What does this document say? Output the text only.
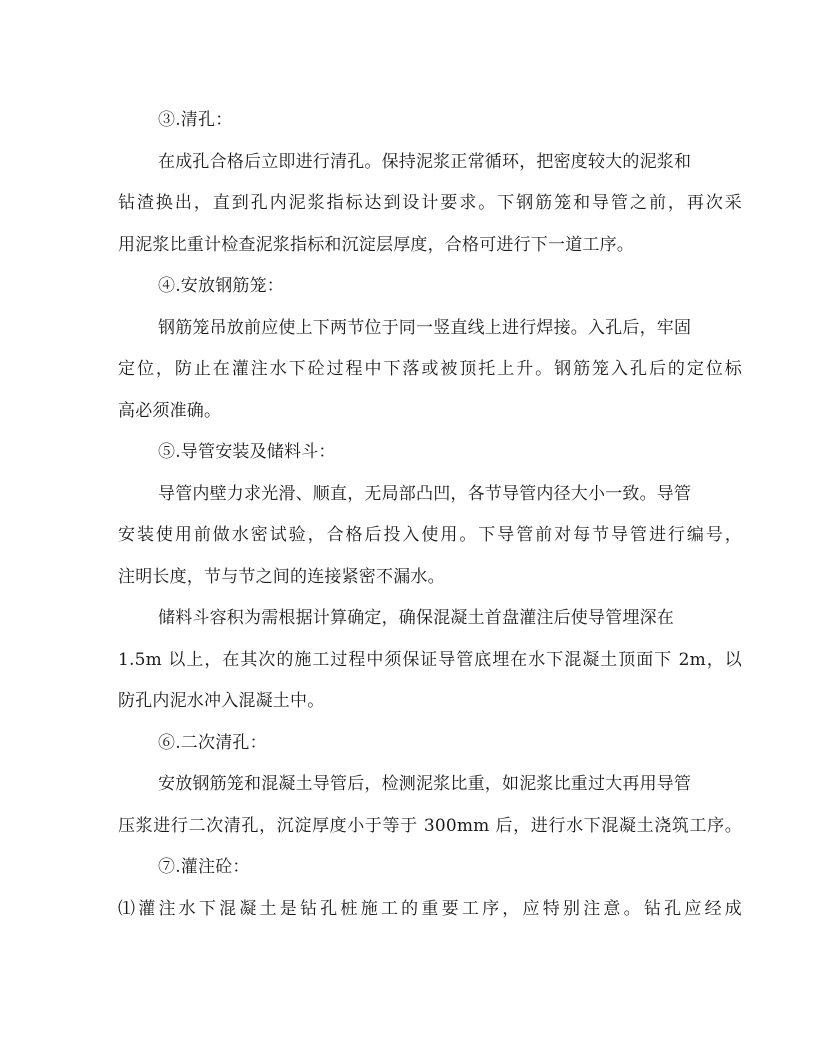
③.清孔：
在成孔合格后立即进行清孔。保持泥浆正常循环，把密度较大的泥浆和
钻渣换出，直到孔内泥浆指标达到设计要求。下钢筋笼和导管之前，再次采
用泥浆比重计检查泥浆指标和沉淀层厚度，合格可进行下一道工序。
④.安放钢筋笼：
钢筋笼吊放前应使上下两节位于同一竖直线上进行焊接。入孔后，牢固
定位，防止在灌注水下砼过程中下落或被顶托上升。钢筋笼入孔后的定位标
高必须准确。
⑤.导管安装及储料斗：
导管内壁力求光滑、顺直，无局部凸凹，各节导管内径大小一致。导管
安装使用前做水密试验，合格后投入使用。下导管前对每节导管进行编号，
注明长度，节与节之间的连接紧密不漏水。
储料斗容积为需根据计算确定，确保混凝土首盘灌注后使导管埋深在
1.5m 以上，在其次的施工过程中须保证导管底埋在水下混凝土顶面下 2m，以
防孔内泥水冲入混凝土中。
⑥.二次清孔：
安放钢筋笼和混凝土导管后，检测泥浆比重，如泥浆比重过大再用导管
压浆进行二次清孔，沉淀厚度小于等于 300mm 后，进行水下混凝土浇筑工序。
⑦.灌注砼：
⑴灌注水下混凝土是钻孔桩施工的重要工序，应特别注意。钻孔应经成
